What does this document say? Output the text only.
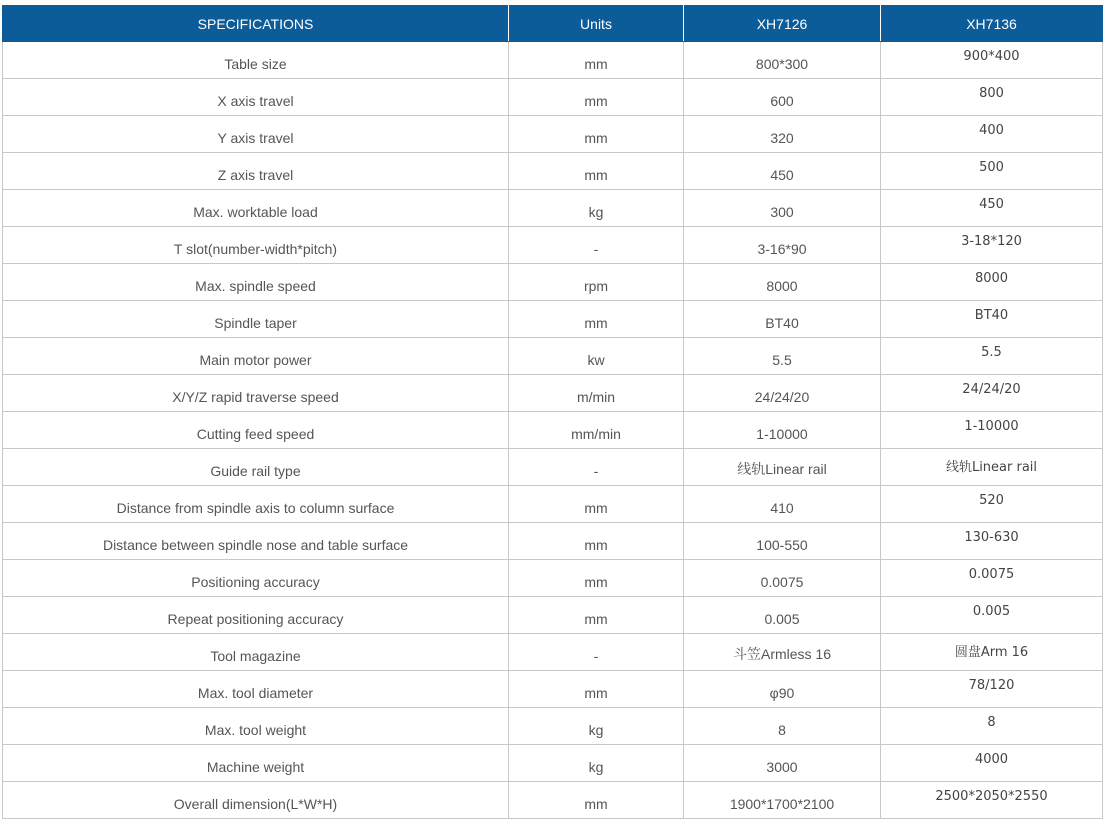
SPECIFICATIONS	Units	XH7126	XH7136
Table size	mm	800*300	900*400
X axis travel	mm	600	800
Y axis travel	mm	320	400
Z axis travel	mm	450	500
Max. worktable load	kg	300	450
T slot(number-width*pitch)	-	3-16*90	3-18*120
Max. spindle speed	rpm	8000	8000
Spindle taper	mm	BT40	BT40
Main motor power	kw	5.5	5.5
X/Y/Z rapid traverse speed	m/min	24/24/20	24/24/20
Cutting feed speed	mm/min	1-10000	1-10000
Guide rail type	-	线轨Linear rail	线轨Linear rail
Distance from spindle axis to column surface	mm	410	520
Distance between spindle nose and table surface	mm	100-550	130-630
Positioning accuracy	mm	0.0075	0.0075
Repeat positioning accuracy	mm	0.005	0.005
Tool magazine	-	斗笠Armless 16	圆盘Arm 16
Max. tool diameter	mm	φ90	78/120
Max. tool weight	kg	8	8
Machine weight	kg	3000	4000
Overall dimension(L*W*H)	mm	1900*1700*2100	2500*2050*2550
